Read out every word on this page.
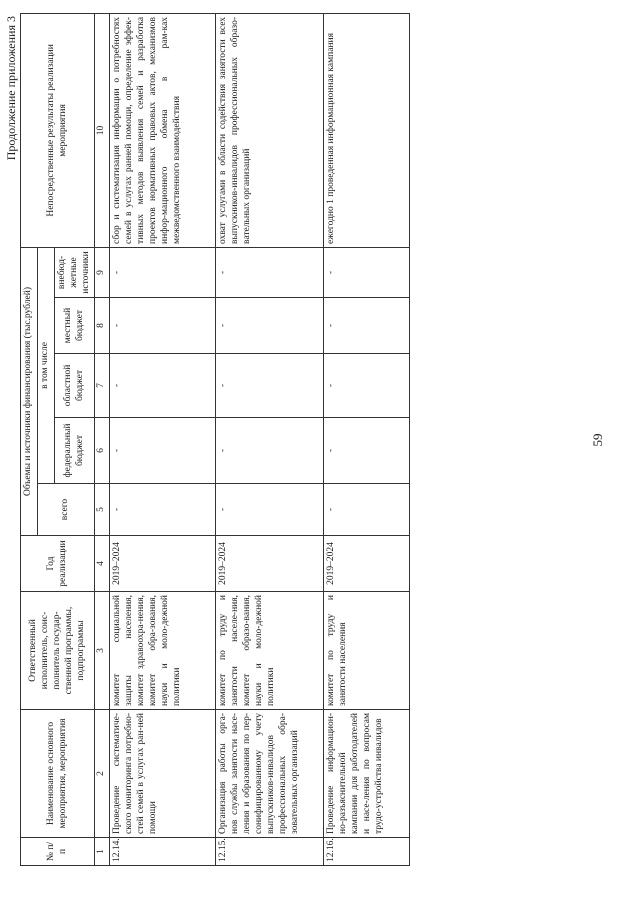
Продолжение приложения 3
59
№ п/п	Наименование основного мероприятия, мероприятия	Ответственный исполнитель, соис-полнитель государ-ственной программы, подпрограммы	Год реализации	Объемы и источники финансирования (тыс.рублей)					Непосредственные результаты реализации мероприятия
				всего	в том числе				
					федеральный бюджет	областной бюджет	местный бюджет	внебюд-жетные источники	
1	2	3	4	5	6	7	8	9	10
12.14.	Проведение систематиче-ского мониторинга потребно-стей семей в услугах ран-ней помощи	комитет социальной защиты населения, комитет здравоохра-нения, комитет обра-зования, науки и моло-дежной политики	2019–2024	-	-	-	-	-	сбор и систематизация информации о потребностях семей в услугах ранней помощи, определение эффек-тивных методов выявления семей и разработка проектов нормативных правовых актов, механизмов инфор-мационного обмена в рам-ках межведомственного взаимодействия
12.15.	Организация работы орга-нов службы занятости насе-ления и образования по пер-сонифицированному учету выпускников-инвалидов профессиональных обра-зовательных организаций	комитет по труду и занятости населе-ния, комитет образо-вания, науки и моло-дежной политики	2019–2024	-	-	-	-	-	охват услугами в области содействия занятости всех выпускников-инвалидов профессиональных образо-вательных организаций
12.16.	Проведение информацион-но-разъяснительной кампании для работодателей и насе-ления по вопросам трудо-устройства инвалидов	комитет по труду и занятости населения	2019–2024	-	-	-	-	-	ежегодно 1 проведенная информационная кампания
